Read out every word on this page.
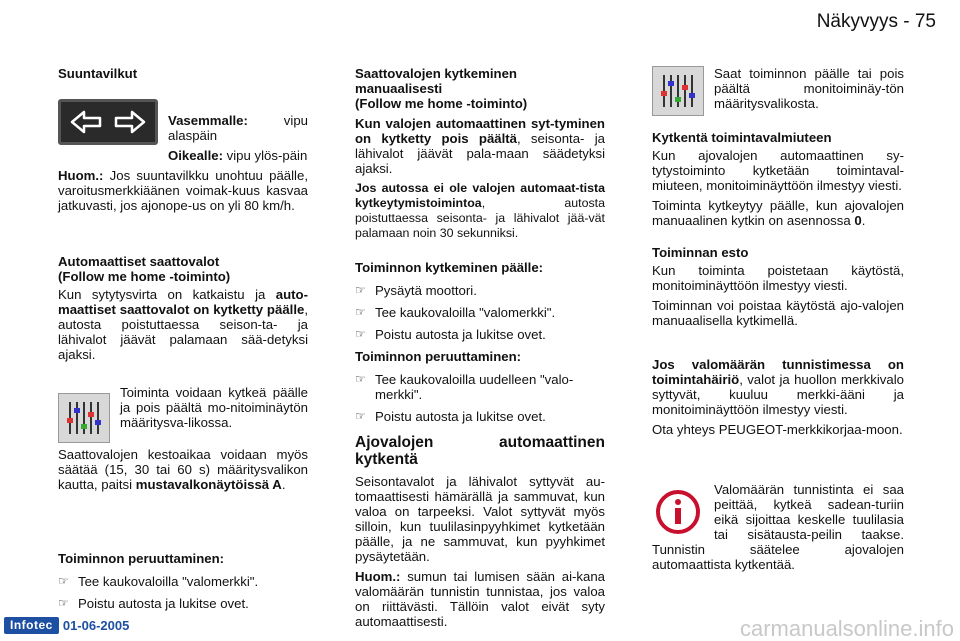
Näkyvyys - 75

Suuntavilkut

Vasemmalle:	vipu alaspäin

Oikealle: vipu ylös-päin

Huom.: Jos suuntavilkku unohtuu päälle, varoitusmerkkiäänen voimak-kuus kasvaa jatkuvasti, jos ajonope-us on yli 80 km/h.

Automaattiset saattovalot

(Follow me home -toiminto)

Kun sytytysvirta on katkaistu ja auto-maattiset saattovalot on kytketty päälle, autosta poistuttaessa seison-ta- ja lähivalot jäävät palamaan sää-detyksi ajaksi.

Toiminta voidaan kytkeä päälle ja pois päältä mo-nitoiminäytön määritysva-likossa.

Saattovalojen kestoaikaa voidaan myös säätää (15, 30 tai 60 s) määritysvalikon kautta, paitsi mustavalkonäytöissä A.

Toiminnon peruuttaminen:

☞ Tee kaukovaloilla "valomerkki".
☞ Poistu autosta ja lukitse ovet.

Saattovalojen kytkeminen

manuaalisesti

(Follow me home -toiminto)

Kun valojen automaattinen syt-tyminen on kytketty pois päältä, seisonta- ja lähivalot jäävät pala-maan säädetyksi ajaksi.

Jos autossa ei ole valojen automaat-tista kytkeytymistoimintoa, autosta poistuttaessa seisonta- ja lähivalot jää-vät palamaan noin 30 sekunniksi.

Toiminnon kytkeminen päälle:

☞ Pysäytä moottori.
☞ Tee kaukovaloilla "valomerkki".
☞ Poistu autosta ja lukitse ovet.

Toiminnon peruuttaminen:

☞ Tee kaukovaloilla uudelleen "valo-merkki".
☞ Poistu autosta ja lukitse ovet.

Ajovalojen automaattinen kytkentä

Seisontavalot ja lähivalot syttyvät au-tomaattisesti hämärällä ja sammuvat, kun valoa on tarpeeksi. Valot syttyvät myös silloin, kun tuulilasinpyyhkimet kytketään päälle, ja ne sammuvat, kun pyyhkimet pysäytetään.

Huom.: sumun tai lumisen sään ai-kana valomäärän tunnistin tunnistaa, jos valoa on riittävästi. Tällöin valot eivät syty automaattisesti.

Saat toiminnon päälle tai pois päältä monitoiminäy-tön määritysvalikosta.

Kytkentä toimintavalmiuteen

Kun ajovalojen automaattinen sy-tytystoiminto kytketään toimintaval-miuteen, monitoiminäyttöön ilmestyy viesti.

Toiminta kytkeytyy päälle, kun ajovalojen manuaalinen kytkin on asennossa 0.

Toiminnan esto

Kun toiminta poistetaan käytöstä, monitoiminäyttöön ilmestyy viesti.

Toiminnan voi poistaa käytöstä ajo-valojen manuaalisella kytkimellä.

Jos valomäärän tunnistimessa on toimintahäiriö, valot ja huollon merkkivalo syttyvät, kuuluu merkki-ääni ja monitoiminäyttöön ilmestyy viesti.

Ota yhteys PEUGEOT-merkkikorjaa-moon.

Valomäärän tunnistinta ei saa peittää, kytkeä sadean-turiin eikä sijoittaa keskelle tuulilasia tai sisätausta-peilin taakse. Tunnistin säätelee ajovalojen automaattista kytkentää.

Infotec 01-06-2005	carmanualsonline.info
